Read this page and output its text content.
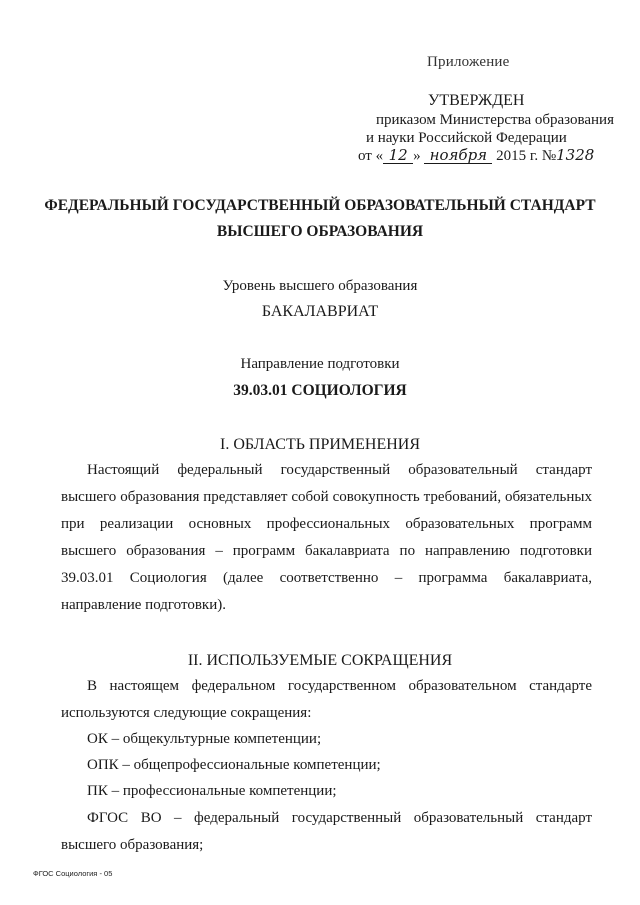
Приложение
УТВЕРЖДЕН
приказом Министерства образования
и науки Российской Федерации
от « 12 » ноября 2015 г. №1328
ФЕДЕРАЛЬНЫЙ ГОСУДАРСТВЕННЫЙ ОБРАЗОВАТЕЛЬНЫЙ СТАНДАРТ
ВЫСШЕГО ОБРАЗОВАНИЯ
Уровень высшего образования
БАКАЛАВРИАТ
Направление подготовки
39.03.01 СОЦИОЛОГИЯ
I. ОБЛАСТЬ ПРИМЕНЕНИЯ
Настоящий федеральный государственный образовательный стандарт высшего образования представляет собой совокупность требований, обязательных при реализации основных профессиональных образовательных программ высшего образования – программ бакалавриата по направлению подготовки 39.03.01 Социология (далее соответственно – программа бакалавриата, направление подготовки).
II. ИСПОЛЬЗУЕМЫЕ СОКРАЩЕНИЯ
В настоящем федеральном государственном образовательном стандарте используются следующие сокращения:
ОК – общекультурные компетенции;
ОПК – общепрофессиональные компетенции;
ПК – профессиональные компетенции;
ФГОС ВО – федеральный государственный образовательный стандарт высшего образования;
ФГОС Социология - 05
